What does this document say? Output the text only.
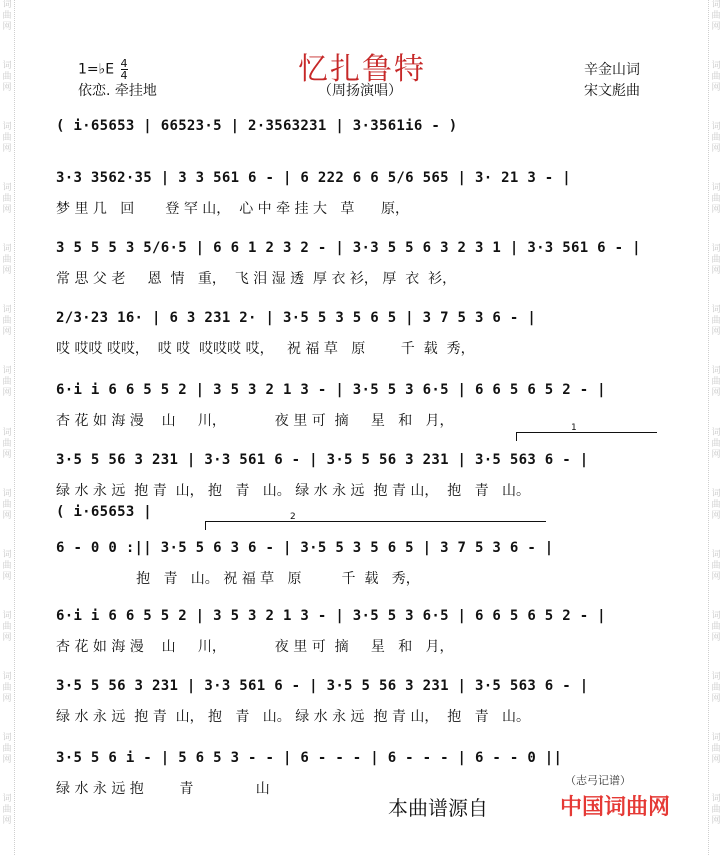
词
曲
网
词
曲
网
词
曲
网
词
曲
网
词
曲
网
词
曲
网
词
曲
网
词
曲
网
词
曲
网
词
曲
网
词
曲
网
词
曲
网
词
曲
网
词
曲
网
词
曲
网
词
曲
网
词
曲
网
词
曲
网
词
曲
网
词
曲
网
词
曲
网
词
曲
网
词
曲
网
词
曲
网
词
曲
网
词
曲
网
词
曲
网
词
曲
网
1=♭E $\frac{4}{4}$
依恋. 牵挂地
忆扎鲁特
（周扬演唱）
辛金山词
宋文彪曲
( i·65653 | 66523·5 | 2·3563231 | 3·3561i6 - )
3·3 3562·35 | 3 3 561 6 - | 6 222 6 6 5/6 565 | 3· 21 3 - |
梦 里 几   回       登 罕 山，  心 中 牵 挂 大   草      原，
3 5 5 5 3 5/6·5 | 6 6 1 2 3 2 - | 3·3 5 5 6 3 2 3 1 | 3·3 561 6 - |
常 思 父 老     恩  情   重，  飞 泪 湿 透  厚 衣 衫， 厚  衣  衫，
2/3·23 16· | 6 3 231 2· | 3·5 5 3 5 6 5 | 3 7 5 3 6 - |
哎 哎哎 哎哎，  哎 哎  哎哎哎 哎，   祝 福 草   原        千  载  秀，
6·i i 6 6 5 5 2 | 3 5 3 2 1 3 - | 3·5 5 3 6·5 | 6 6 5 6 5 2 - |
杏 花 如 海 漫    山     川，           夜 里 可  摘     星   和   月，	1
3·5 5 56 3 231 | 3·3 561 6 - | 3·5 5 56 3 231 | 3·5 563 6 - |
绿 水 永 远  抱 青  山， 抱   青   山。 绿 水 永 远  抱 青 山，  抱   青   山。
( i·65653 |	2
6 - 0 0 :|| 3·5 5 6 3 6 - | 3·5 5 3 5 6 5 | 3 7 5 3 6 - |
抱   青   山。 祝 福 草   原         千  载   秀，
6·i i 6 6 5 5 2 | 3 5 3 2 1 3 - | 3·5 5 3 6·5 | 6 6 5 6 5 2 - |
杏 花 如 海 漫    山     川，           夜 里 可  摘     星   和   月，
3·5 5 56 3 231 | 3·3 561 6 - | 3·5 5 56 3 231 | 3·5 563 6 - |
绿 水 永 远  抱 青  山， 抱   青   山。 绿 水 永 远  抱 青 山，  抱   青   山。
3·5 5 6 i - | 5 6 5 3 - - | 6 - - - | 6 - - - | 6 - - 0 ||
绿 水 永 远 抱        青              山
（志弓记谱）
本曲谱源自	中国词曲网
